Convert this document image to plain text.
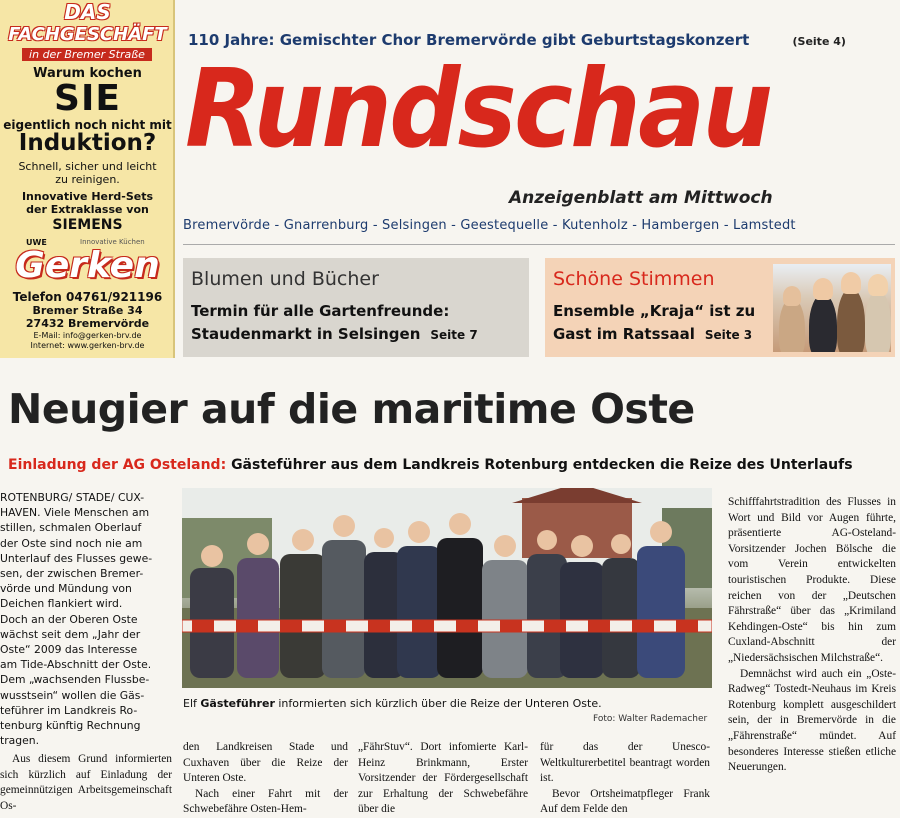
DAS
FACHGESCHÄFT
in der Bremer Straße
Warum kochen
SIE
eigentlich noch nicht mit
Induktion?
Schnell, sicher und leicht
zu reinigen.
Innovative Herd-Sets
der Extraklasse von
SIEMENS
UWE	Innovative Küchen
Gerken
Telefon 04761/921196
Bremer Straße 34
27432 Bremervörde
E-Mail: info@gerken-brv.de
Internet: www.gerken-brv.de
110 Jahre: Gemischter Chor Bremervörde gibt Geburtstagskonzert	(Seite 4)
Rundschau
Anzeigenblatt am Mittwoch
Bremervörde - Gnarrenburg - Selsingen - Geestequelle - Kutenholz - Hambergen - Lamstedt
Blumen und Bücher
Termin für alle Gartenfreunde:
Staudenmarkt in Selsingen Seite 7
Schöne Stimmen
Ensemble „Kraja“ ist zu
Gast im Ratssaal Seite 3
Neugier auf die maritime Oste
Einladung der AG Osteland: Gästeführer aus dem Landkreis Rotenburg entdecken die Reize des Unterlaufs
ROTENBURG/ STADE/ CUX-
HAVEN. Viele Menschen am
stillen, schmalen Oberlauf
der Oste sind noch nie am
Unterlauf des Flusses gewe-
sen, der zwischen Bremer-
vörde und Mündung von
Deichen flankiert wird.
Doch an der Oberen Oste
wächst seit dem „Jahr der
Oste“ 2009 das Interesse
am Tide-Abschnitt der Oste.
Dem „wachsenden Flussbe-
wusstsein“ wollen die Gäs-
teführer im Landkreis Ro-
tenburg künftig Rechnung
tragen.
Aus diesem Grund informierten sich kürzlich auf Einladung der gemeinnützigen Arbeitsgemeinschaft Os-
Elf Gästeführer informierten sich kürzlich über die Reize der Unteren Oste.
Foto: Walter Rademacher
den Landkreisen Stade und Cuxhaven über die Reize der Unteren Oste.
Nach einer Fahrt mit der Schwebefähre Osten-Hem-
„FährStuv“. Dort infomierte Karl-Heinz Brinkmann, Erster Vorsitzender der Fördergesellschaft zur Erhaltung der Schwebefähre über die
für das der Unesco-Weltkulturerbetitel beantragt worden ist.
Bevor Ortsheimatpfleger Frank Auf dem Felde den
Schifffahrtstradition des Flusses in Wort und Bild vor Augen führte, präsentierte AG-Osteland-Vorsitzender Jochen Bölsche die vom Verein entwickelten touristischen Produkte. Diese reichen von der „Deutschen Fährstraße“ über das „Krimiland Kehdingen-Oste“ bis hin zum Cuxland-Abschnitt der „Niedersächsischen Milchstraße“.
Demnächst wird auch ein „Oste-Radweg“ Tostedt-Neuhaus im Kreis Rotenburg komplett ausgeschildert sein, der in Bremervörde in die „Fährenstraße“ mündet. Auf besonderes Interesse stießen etliche Neuerungen.
